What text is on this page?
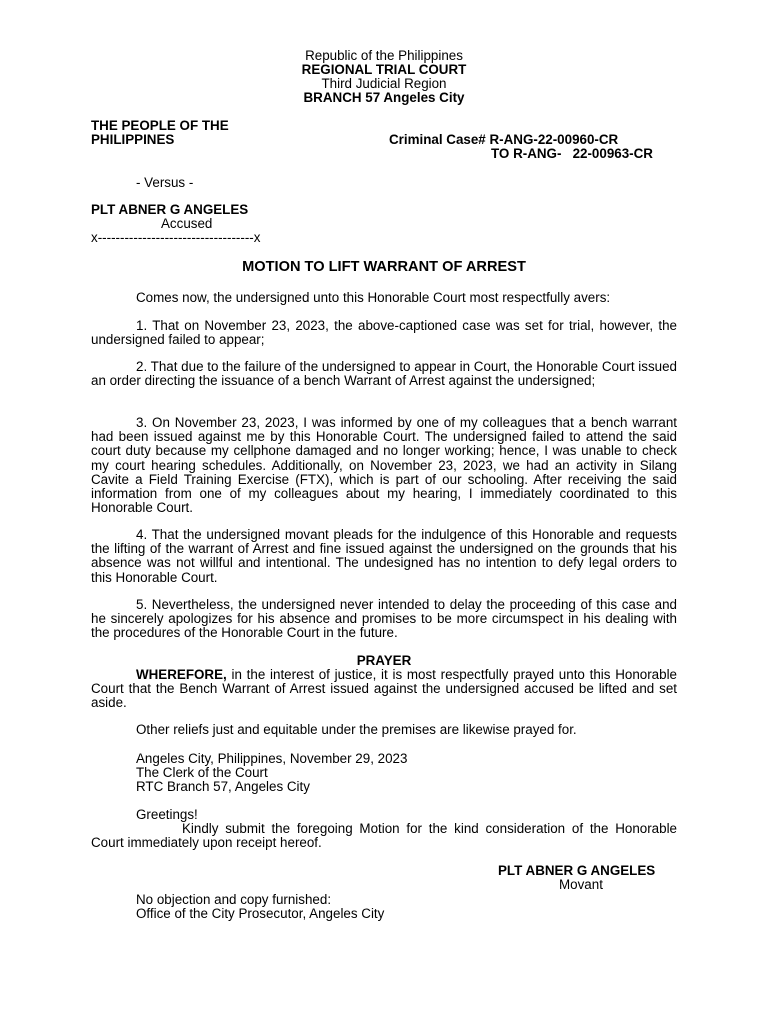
Republic of the Philippines
REGIONAL TRIAL COURT
Third Judicial Region
BRANCH 57 Angeles City
THE PEOPLE OF THE
PHILIPPINES	Criminal Case# R-ANG-22-00960-CR
TO R-ANG-   22-00963-CR
- Versus -
PLT ABNER G ANGELES
Accused
x-----------------------------------x
MOTION TO LIFT WARRANT OF ARREST
Comes now, the undersigned unto this Honorable Court most respectfully avers:
1. That on November 23, 2023, the above-captioned case was set for trial, however, the undersigned failed to appear;
2. That due to the failure of the undersigned to appear in Court, the Honorable Court issued an order directing the issuance of a bench Warrant of Arrest against the undersigned;
3. On November 23, 2023, I was informed by one of my colleagues that a bench warrant had been issued against me by this Honorable Court. The undersigned failed to attend the said court duty because my cellphone damaged and no longer working; hence, I was unable to check my court hearing schedules. Additionally, on November 23, 2023, we had an activity in Silang Cavite a Field Training Exercise (FTX), which is part of our schooling. After receiving the said information from one of my colleagues about my hearing, I immediately coordinated to this Honorable Court.
4. That the undersigned movant pleads for the indulgence of this Honorable and requests the lifting of the warrant of Arrest and fine issued against the undersigned on the grounds that his absence was not willful and intentional. The undesigned has no intention to defy legal orders to this Honorable Court.
5. Nevertheless, the undersigned never intended to delay the proceeding of this case and he sincerely apologizes for his absence and promises to be more circumspect in his dealing with the procedures of the Honorable Court in the future.
PRAYER
WHEREFORE, in the interest of justice, it is most respectfully prayed unto this Honorable Court that the Bench Warrant of Arrest issued against the undersigned accused be lifted and set aside.
Other reliefs just and equitable under the premises are likewise prayed for.
Angeles City, Philippines, November 29, 2023
The Clerk of the Court
RTC Branch 57, Angeles City
Greetings!
Kindly submit the foregoing Motion for the kind consideration of the Honorable Court immediately upon receipt hereof.
PLT ABNER G ANGELES
Movant
No objection and copy furnished:
Office of the City Prosecutor, Angeles City
